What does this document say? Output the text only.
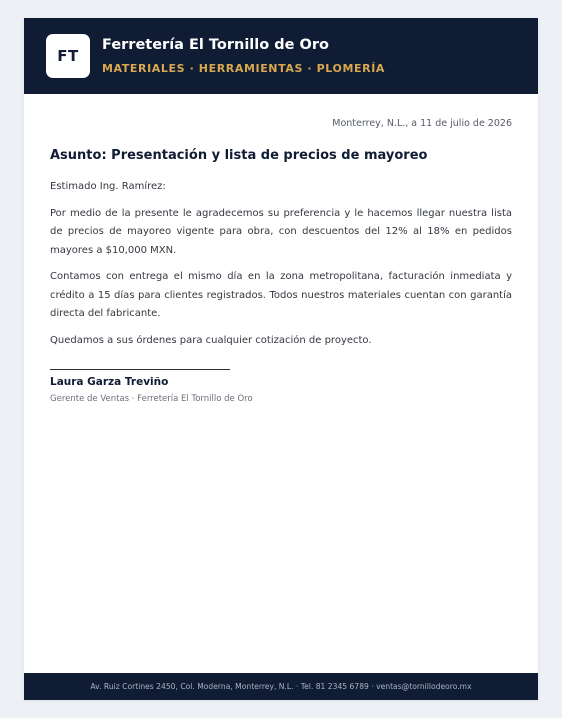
FT
Ferretería El Tornillo de Oro
MATERIALES · HERRAMIENTAS · PLOMERÍA
Monterrey, N.L., a 11 de julio de 2026
Asunto: Presentación y lista de precios de mayoreo

Estimado Ing. Ramírez:

Por medio de la presente le agradecemos su preferencia y le hacemos llegar nuestra lista de precios de mayoreo vigente para obra, con descuentos del 12% al 18% en pedidos mayores a $10,000 MXN.

Contamos con entrega el mismo día en la zona metropolitana, facturación inmediata y crédito a 15 días para clientes registrados. Todos nuestros materiales cuentan con garantía directa del fabricante.

Quedamos a sus órdenes para cualquier cotización de proyecto.

Laura Garza Treviño
Gerente de Ventas · Ferretería El Tornillo de Oro
Av. Ruiz Cortines 2450, Col. Moderna, Monterrey, N.L. · Tel. 81 2345 6789 · ventas@tornillodeoro.mx
